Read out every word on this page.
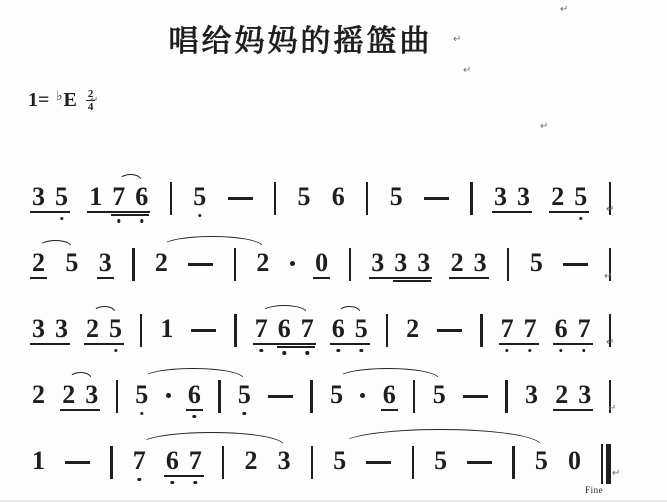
唱给妈妈的摇篮曲
1= ♭ E $\frac{2}{4}$
3 5 1 7 6 5	5 6 5	3 3 2 5
2 5 3 2	2 0 3 3 3 2 3 5
3 3 2 5 1	7 6 7 6 5 2	7 7 6 7
2 2 3 5 6 5	5 6 5	3 2 3
1	7 6 7 2 3 5	5	5 0
Fine
↵
↵
↵
↵
↵
↵
↵
↵
↵
↵
